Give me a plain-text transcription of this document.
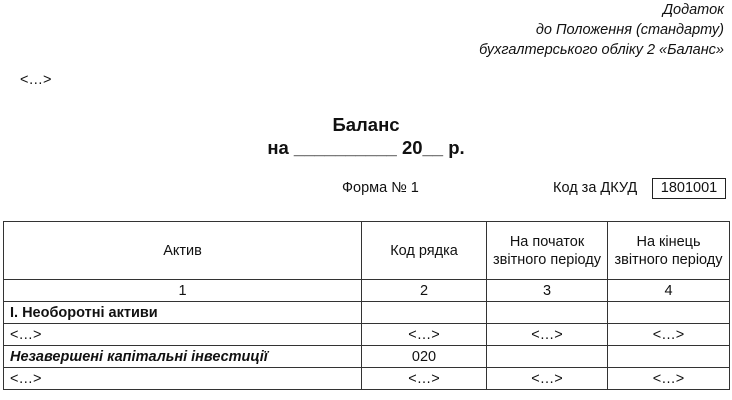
Додаток
до Положення (стандарту)
бухгалтерського обліку 2 «Баланс»
<…>
Баланс
на __________ 20__ р.
Форма № 1	Код за ДКУД	1801001
Актив	Код рядка	На початок звітного періоду	На кінець звітного періоду
1	2	3	4
І. Необоротні активи			
<…>	<…>	<…>	<…>
Незавершені капітальні інвестиції	020		
<…>	<…>	<…>	<…>
